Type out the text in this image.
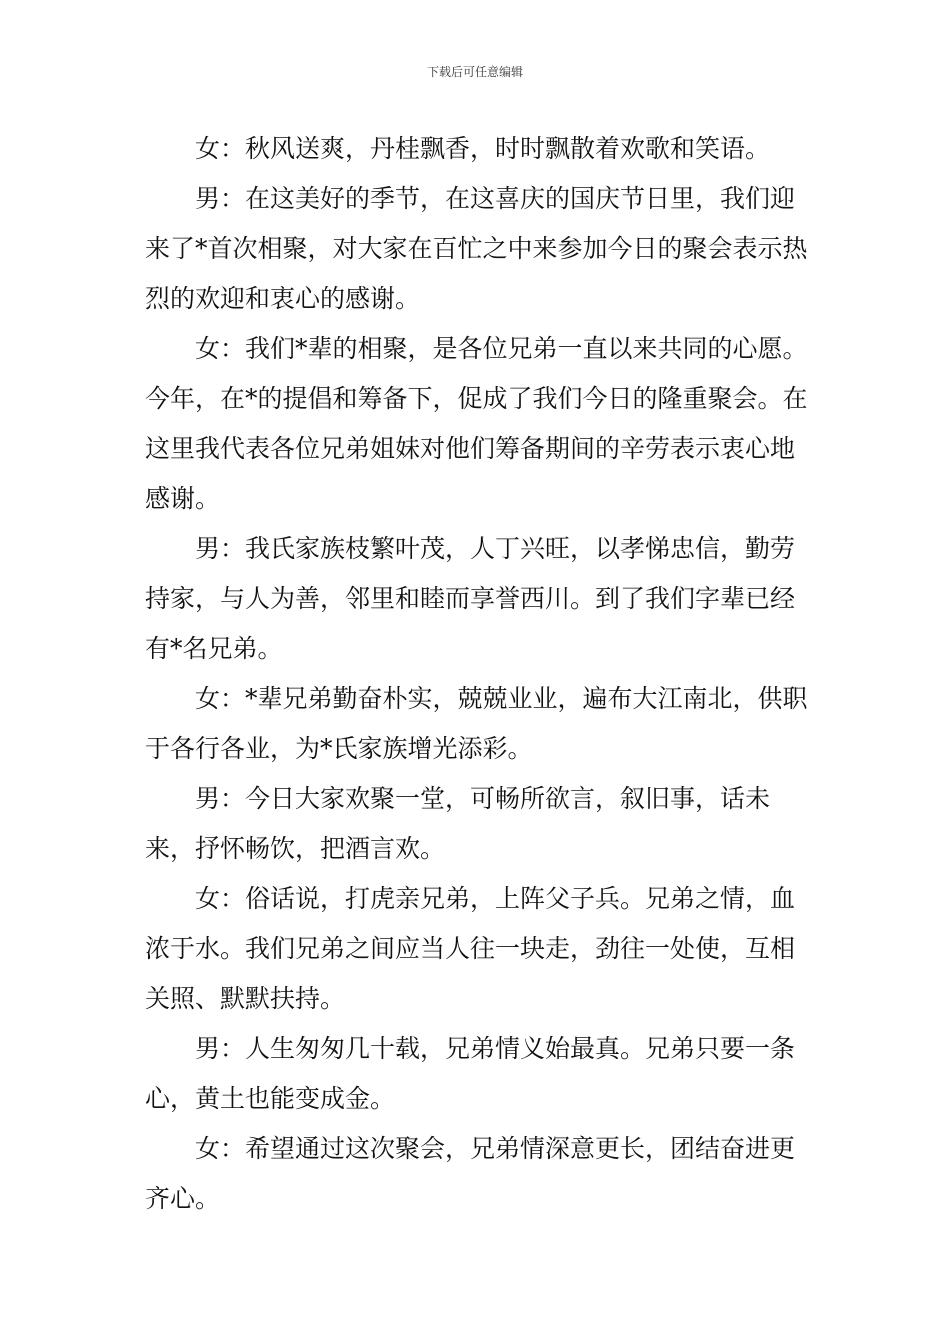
下载后可任意编辑

女：秋风送爽，丹桂飘香，时时飘散着欢歌和笑语。

男：在这美好的季节，在这喜庆的国庆节日里，我们迎来了*首次相聚，对大家在百忙之中来参加今日的聚会表示热烈的欢迎和衷心的感谢。

女：我们*辈的相聚，是各位兄弟一直以来共同的心愿。今年，在*的提倡和筹备下，促成了我们今日的隆重聚会。在这里我代表各位兄弟姐妹对他们筹备期间的辛劳表示衷心地感谢。

男：我氏家族枝繁叶茂，人丁兴旺，以孝悌忠信，勤劳持家，与人为善，邻里和睦而享誉西川。到了我们字辈已经有*名兄弟。

女：*辈兄弟勤奋朴实，兢兢业业，遍布大江南北，供职于各行各业，为*氏家族增光添彩。

男：今日大家欢聚一堂，可畅所欲言，叙旧事，话未来，抒怀畅饮，把酒言欢。

女：俗话说，打虎亲兄弟，上阵父子兵。兄弟之情，血浓于水。我们兄弟之间应当人往一块走，劲往一处使，互相关照、默默扶持。

男：人生匆匆几十载，兄弟情义始最真。兄弟只要一条心，黄土也能变成金。

女：希望通过这次聚会，兄弟情深意更长，团结奋进更齐心。
